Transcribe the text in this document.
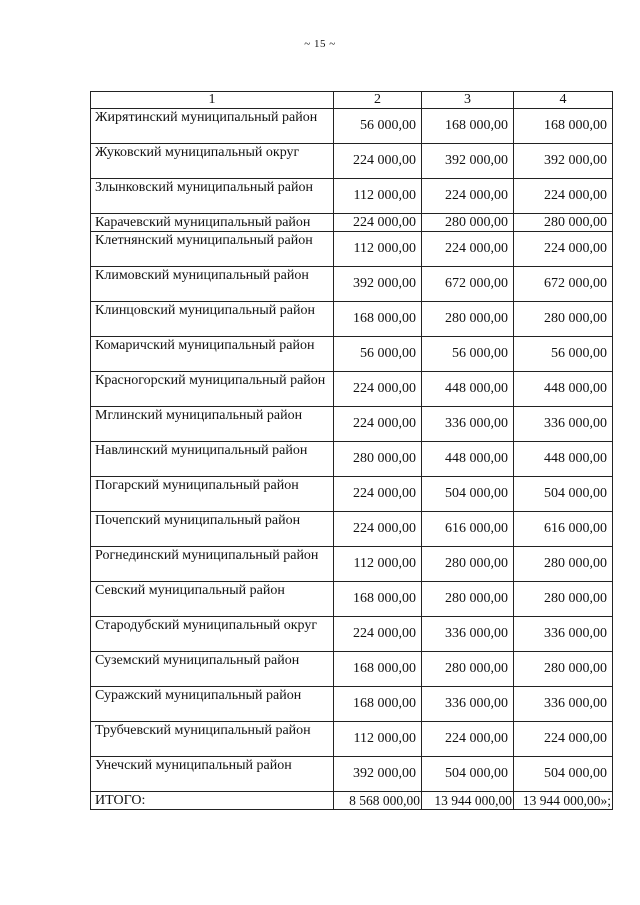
~ 15 ~
1	2	3	4
Жирятинский муниципальный район	56 000,00	168 000,00	168 000,00
Жуковский муниципальный округ	224 000,00	392 000,00	392 000,00
Злынковский муниципальный район	112 000,00	224 000,00	224 000,00
Карачевский муниципальный район	224 000,00	280 000,00	280 000,00
Клетнянский муниципальный район	112 000,00	224 000,00	224 000,00
Климовский муниципальный район	392 000,00	672 000,00	672 000,00
Клинцовский муниципальный район	168 000,00	280 000,00	280 000,00
Комаричский муниципальный район	56 000,00	56 000,00	56 000,00
Красногорский муниципальный район	224 000,00	448 000,00	448 000,00
Мглинский муниципальный район	224 000,00	336 000,00	336 000,00
Навлинский муниципальный район	280 000,00	448 000,00	448 000,00
Погарский муниципальный район	224 000,00	504 000,00	504 000,00
Почепский муниципальный район	224 000,00	616 000,00	616 000,00
Рогнединский муниципальный район	112 000,00	280 000,00	280 000,00
Севский муниципальный район	168 000,00	280 000,00	280 000,00
Стародубский муниципальный округ	224 000,00	336 000,00	336 000,00
Суземский муниципальный район	168 000,00	280 000,00	280 000,00
Суражский муниципальный район	168 000,00	336 000,00	336 000,00
Трубчевский муниципальный район	112 000,00	224 000,00	224 000,00
Унечский муниципальный район	392 000,00	504 000,00	504 000,00
ИТОГО:	8 568 000,00	13 944 000,00	13 944 000,00»;
